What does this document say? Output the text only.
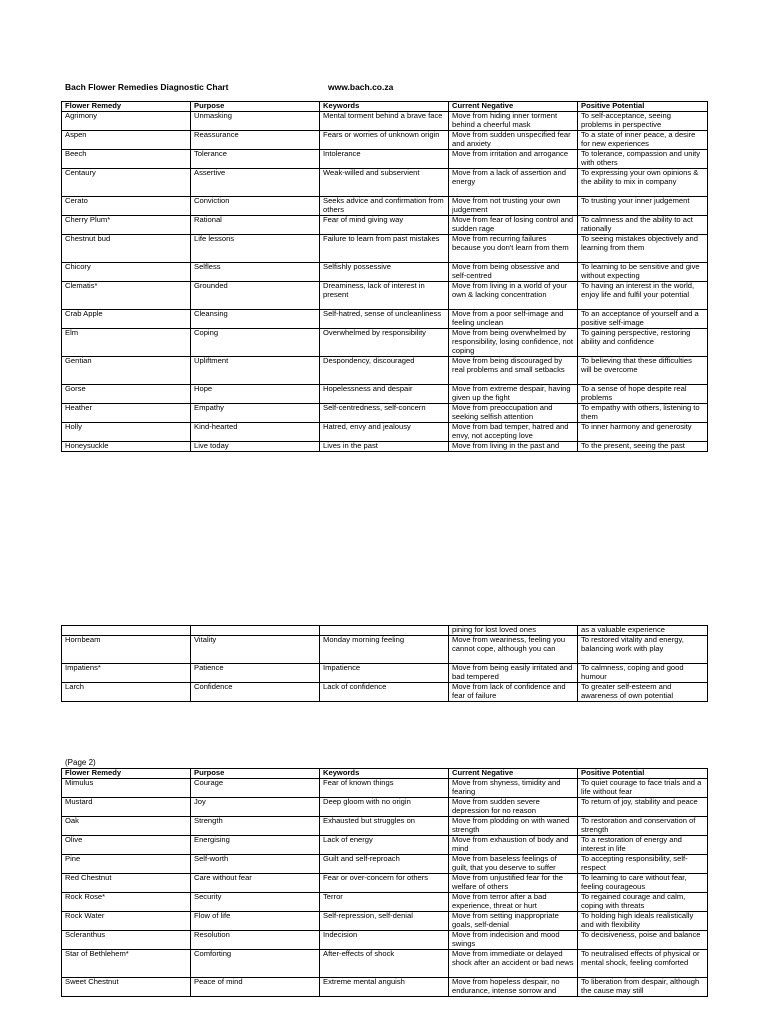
Bach Flower Remedies Diagnostic Chart	www.bach.co.za
Flower Remedy	Purpose	Keywords	Current Negative	Positive Potential
Agrimony	Unmasking	Mental torment behind a brave face	Move from hiding inner torment behind a cheerful mask	To self-acceptance, seeing problems in perspective
Aspen	Reassurance	Fears or worries of unknown origin	Move from sudden unspecified fear and anxiety	To a state of inner peace, a desire for new experiences
Beech	Tolerance	Intolerance	Move from irritation and arrogance	To tolerance, compassion and unity with others
Centaury	Assertive	Weak-willed and subservient	Move from a lack of assertion and energy	To expressing your own opinions & the ability to mix in company
Cerato	Conviction	Seeks advice and confirmation from others	Move from not trusting your own judgement	To trusting your inner judgement
Cherry Plum*	Rational	Fear of mind giving way	Move from fear of losing control and sudden rage	To calmness and the ability to act rationally
Chestnut bud	Life lessons	Failure to learn from past mistakes	Move from recurring failures because you don't learn from them	To seeing mistakes objectively and learning from them
Chicory	Selfless	Selfishly possessive	Move from being obsessive and self-centred	To learning to be sensitive and give without expecting
Clematis*	Grounded	Dreaminess, lack of interest in present	Move from living in a world of your own & lacking concentration	To having an interest in the world, enjoy life and fulfil your potential
Crab Apple	Cleansing	Self-hatred, sense of uncleanliness	Move from a poor self-image and feeling unclean	To an acceptance of yourself and a positive self-image
Elm	Coping	Overwhelmed by responsibility	Move from being overwhelmed by responsibility, losing confidence, not coping	To gaining perspective, restoring ability and confidence
Gentian	Upliftment	Despondency, discouraged	Move from being discouraged by real problems and small setbacks	To believing that these difficulties will be overcome
Gorse	Hope	Hopelessness and despair	Move from extreme despair, having given up the fight	To a sense of hope despite real problems
Heather	Empathy	Self-centredness, self-concern	Move from preoccupation and seeking selfish attention	To empathy with others, listening to them
Holly	Kind-hearted	Hatred, envy and jealousy	Move from bad temper, hatred and envy, not accepting love	To inner harmony and generosity
Honeysuckle	Live today	Lives in the past	Move from living in the past and	To the present, seeing the past
			pining for lost loved ones	as a valuable experience
Hornbeam	Vitality	Monday morning feeling	Move from weariness, feeling you cannot cope, although you can	To restored vitality and energy, balancing work with play
Impatiens*	Patience	Impatience	Move from being easily irritated and bad tempered	To calmness, coping and good humour
Larch	Confidence	Lack of confidence	Move from lack of confidence and fear of failure	To greater self-esteem and awareness of own potential
(Page 2)
Flower Remedy	Purpose	Keywords	Current Negative	Positive Potential
Mimulus	Courage	Fear of known things	Move from shyness, timidity and fearing	To quiet courage to face trials and a life without fear
Mustard	Joy	Deep gloom with no origin	Move from sudden severe depression for no reason	To return of joy, stability and peace
Oak	Strength	Exhausted but struggles on	Move from plodding on with waned strength	To restoration and conservation of strength
Olive	Energising	Lack of energy	Move from exhaustion of body and mind	To a restoration of energy and interest in life
Pine	Self-worth	Guilt and self-reproach	Move from baseless feelings of guilt, that you deserve to suffer	To accepting responsibility, self-respect
Red Chestnut	Care without fear	Fear or over-concern for others	Move from unjustified fear for the welfare of others	To learning to care without fear, feeling courageous
Rock Rose*	Security	Terror	Move from terror after a bad experience, threat or hurt	To regained courage and calm, coping with threats
Rock Water	Flow of life	Self-repression, self-denial	Move from setting inappropriate goals, self-denial	To holding high ideals realistically and with flexibility
Scleranthus	Resolution	Indecision	Move from indecision and mood swings	To decisiveness, poise and balance
Star of Bethlehem*	Comforting	After-effects of shock	Move from immediate or delayed shock after an accident or bad news	To neutralised effects of physical or mental shock, feeling comforted
Sweet Chestnut	Peace of mind	Extreme mental anguish	Move from hopeless despair, no endurance, intense sorrow and	To liberation from despair, although the cause may still
